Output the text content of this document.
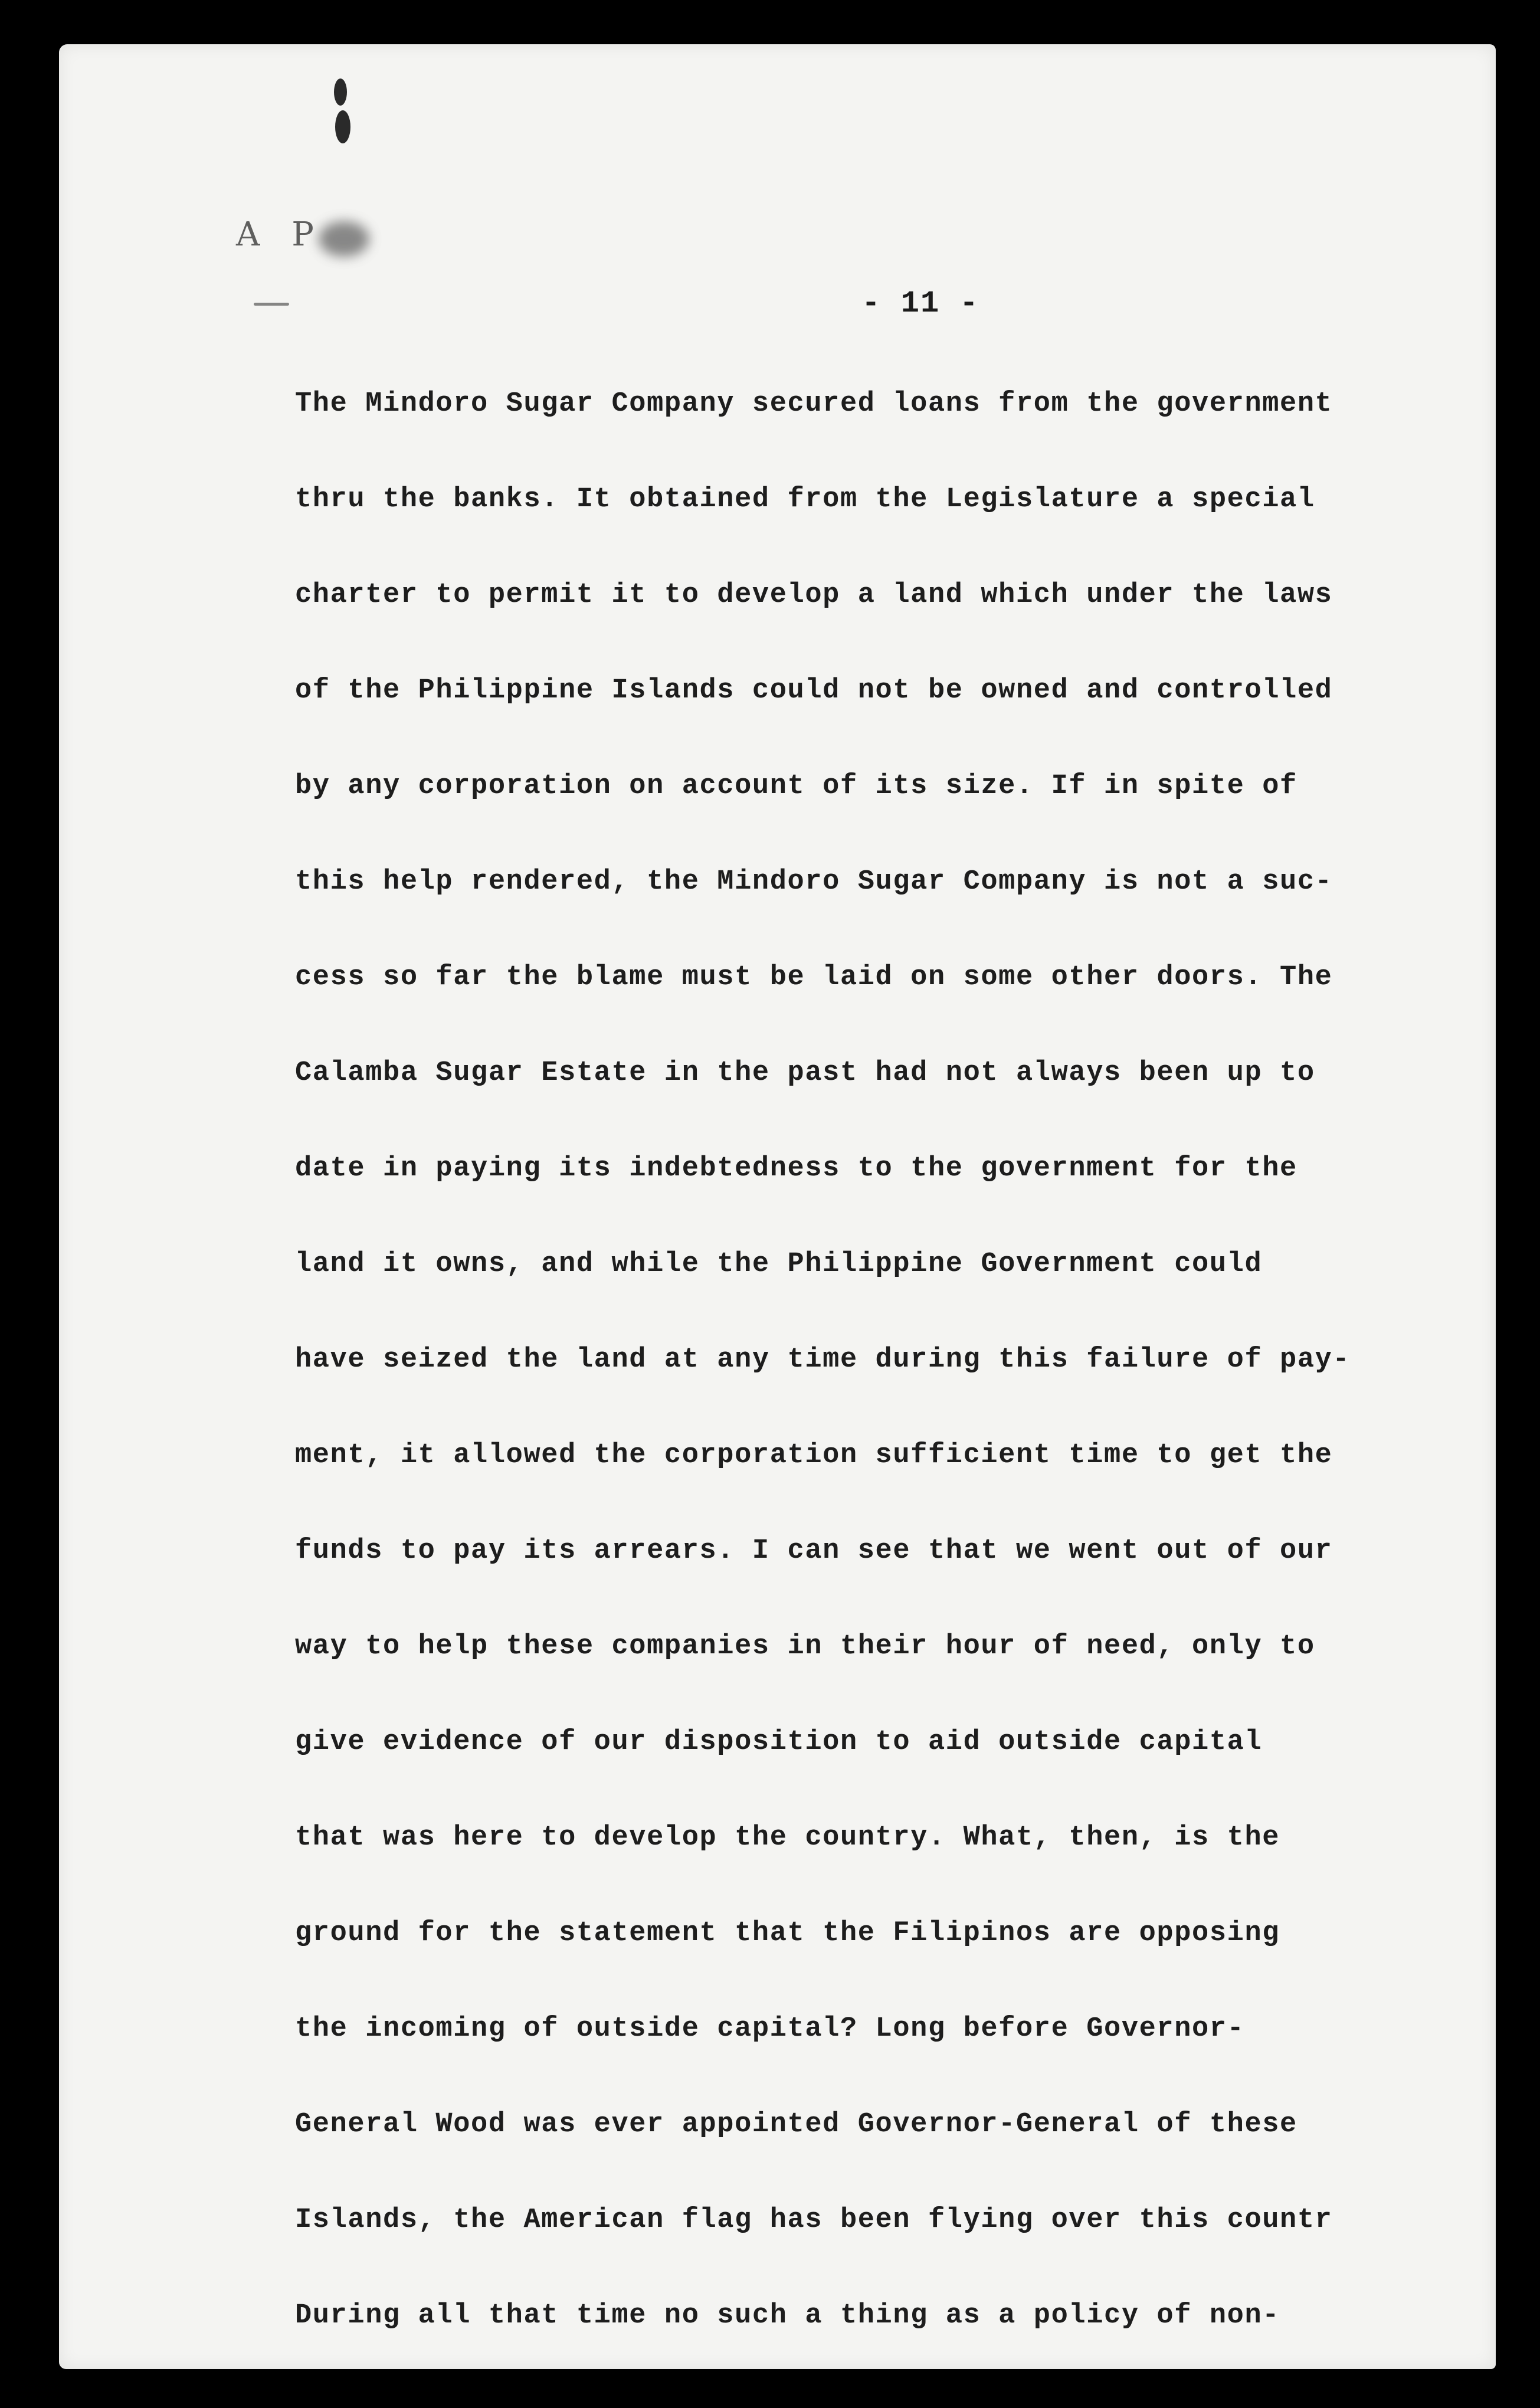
A P
- 11 -
The Mindoro Sugar Company secured loans from the government
thru the banks. It obtained from the Legislature a special
charter to permit it to develop a land which under the laws
of the Philippine Islands could not be owned and controlled
by any corporation on account of its size. If in spite of
this help rendered, the Mindoro Sugar Company is not a suc-
cess so far the blame must be laid on some other doors. The
Calamba Sugar Estate in the past had not always been up to
date in paying its indebtedness to the government for the
land it owns, and while the Philippine Government could
have seized the land at any time during this failure of pay-
ment, it allowed the corporation sufficient time to get the
funds to pay its arrears. I can see that we went out of our
way to help these companies in their hour of need, only to
give evidence of our disposition to aid outside capital
that was here to develop the country. What, then, is the
ground for the statement that the Filipinos are opposing
the incoming of outside capital? Long before Governor-
General Wood was ever appointed Governor-General of these
Islands, the American flag has been flying over this countr
During all that time no such a thing as a policy of non-
